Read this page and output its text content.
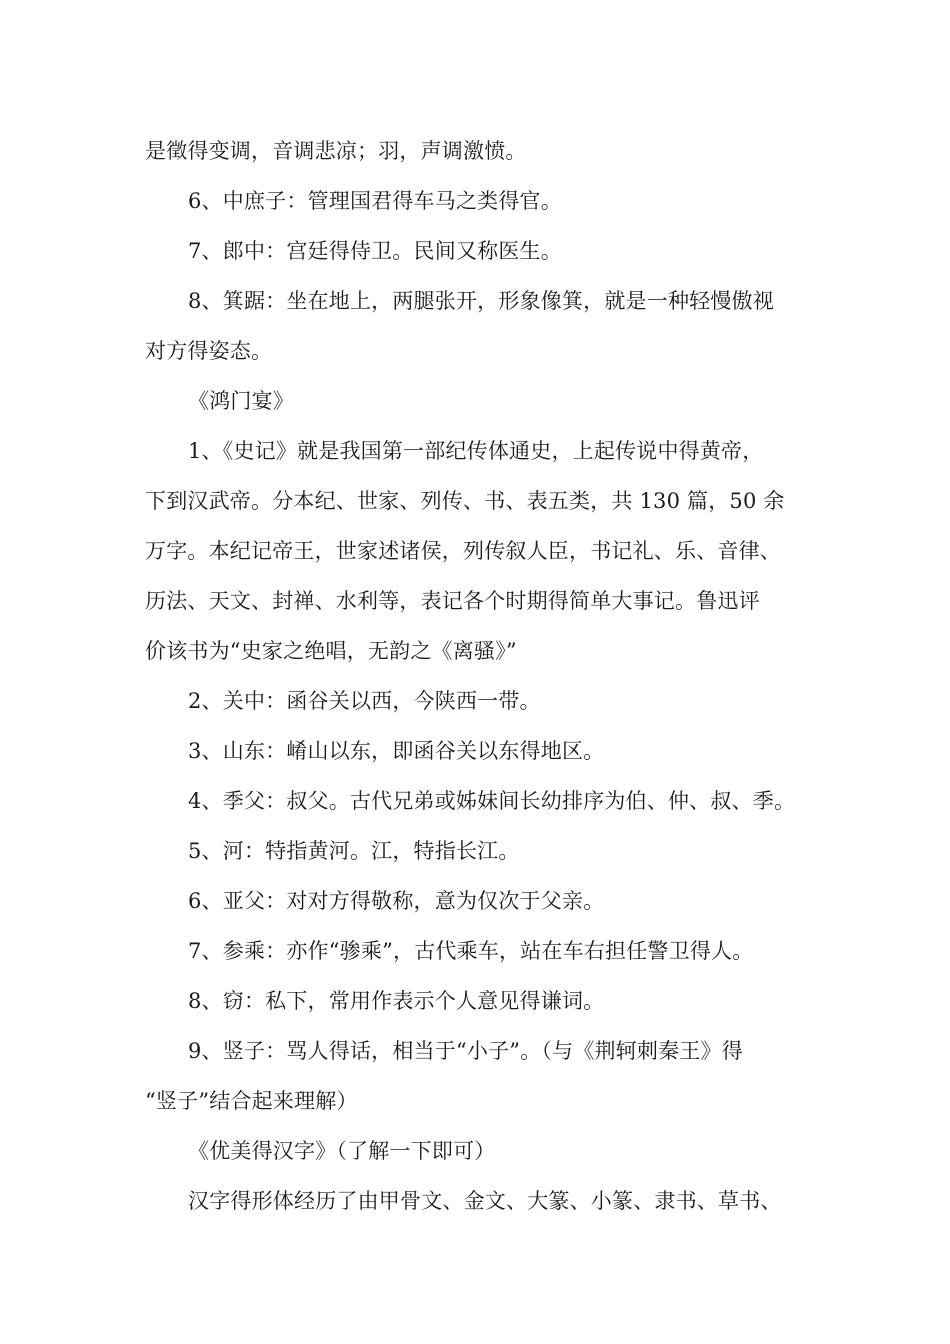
是徵得变调，音调悲凉；羽，声调激愤。
6、中庶子：管理国君得车马之类得官。
7、郎中：宫廷得侍卫。民间又称医生。
8、箕踞：坐在地上，两腿张开，形象像箕，就是一种轻慢傲视
对方得姿态。
《鸿门宴》
1、《史记》就是我国第一部纪传体通史，上起传说中得黄帝，
下到汉武帝。分本纪、世家、列传、书、表五类，共 130 篇，50 余
万字。本纪记帝王，世家述诸侯，列传叙人臣，书记礼、乐、音律、
历法、天文、封禅、水利等，表记各个时期得简单大事记。鲁迅评
价该书为“史家之绝唱，无韵之《离骚》”
2、关中：函谷关以西，今陕西一带。
3、山东：崤山以东，即函谷关以东得地区。
4、季父：叔父。古代兄弟或姊妹间长幼排序为伯、仲、叔、季。
5、河：特指黄河。江，特指长江。
6、亚父：对对方得敬称，意为仅次于父亲。
7、参乘：亦作“骖乘”，古代乘车，站在车右担任警卫得人。
8、窃：私下，常用作表示个人意见得谦词。
9、竖子：骂人得话，相当于“小子”。（与《荆轲刺秦王》得
“竖子”结合起来理解）
《优美得汉字》（了解一下即可）
汉字得形体经历了由甲骨文、金文、大篆、小篆、隶书、草书、
